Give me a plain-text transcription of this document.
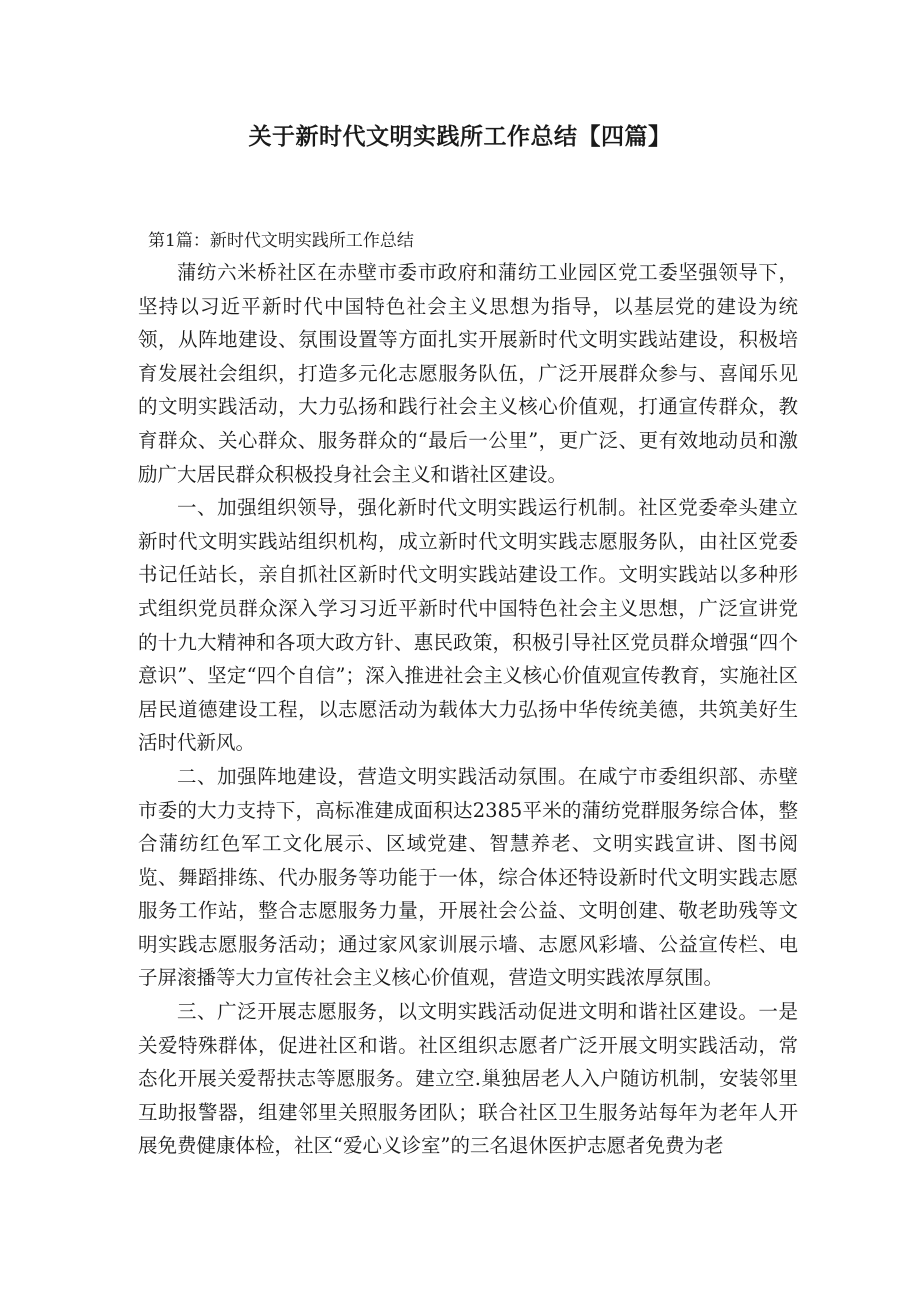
关于新时代文明实践所工作总结【四篇】

第1篇：新时代文明实践所工作总结

蒲纺六米桥社区在赤壁市委市政府和蒲纺工业园区党工委坚强领导下，坚持以习近平新时代中国特色社会主义思想为指导，以基层党的建设为统领，从阵地建设、氛围设置等方面扎实开展新时代文明实践站建设，积极培育发展社会组织，打造多元化志愿服务队伍，广泛开展群众参与、喜闻乐见的文明实践活动，大力弘扬和践行社会主义核心价值观，打通宣传群众，教育群众、关心群众、服务群众的“最后一公里”，更广泛、更有效地动员和激励广大居民群众积极投身社会主义和谐社区建设。

一、加强组织领导，强化新时代文明实践运行机制。社区党委牵头建立新时代文明实践站组织机构，成立新时代文明实践志愿服务队，由社区党委书记任站长，亲自抓社区新时代文明实践站建设工作。文明实践站以多种形式组织党员群众深入学习习近平新时代中国特色社会主义思想，广泛宣讲党的十九大精神和各项大政方针、惠民政策，积极引导社区党员群众增强“四个意识”、坚定“四个自信”；深入推进社会主义核心价值观宣传教育，实施社区居民道德建设工程，以志愿活动为载体大力弘扬中华传统美德，共筑美好生活时代新风。

二、加强阵地建设，营造文明实践活动氛围。在咸宁市委组织部、赤壁市委的大力支持下，高标准建成面积达2385平米的蒲纺党群服务综合体，整合蒲纺红色军工文化展示、区域党建、智慧养老、文明实践宣讲、图书阅览、舞蹈排练、代办服务等功能于一体，综合体还特设新时代文明实践志愿服务工作站，整合志愿服务力量，开展社会公益、文明创建、敬老助残等文明实践志愿服务活动；通过家风家训展示墙、志愿风彩墙、公益宣传栏、电子屏滚播等大力宣传社会主义核心价值观，营造文明实践浓厚氛围。

三、广泛开展志愿服务，以文明实践活动促进文明和谐社区建设。一是关爱特殊群体，促进社区和谐。社区组织志愿者广泛开展文明实践活动，常态化开展关爱帮扶志等愿服务。建立空.巢独居老人入户随访机制，安装邻里互助报警器，组建邻里关照服务团队；联合社区卫生服务站每年为老年人开展免费健康体检，社区“爱心义诊室”的三名退休医护志愿者免费为老
